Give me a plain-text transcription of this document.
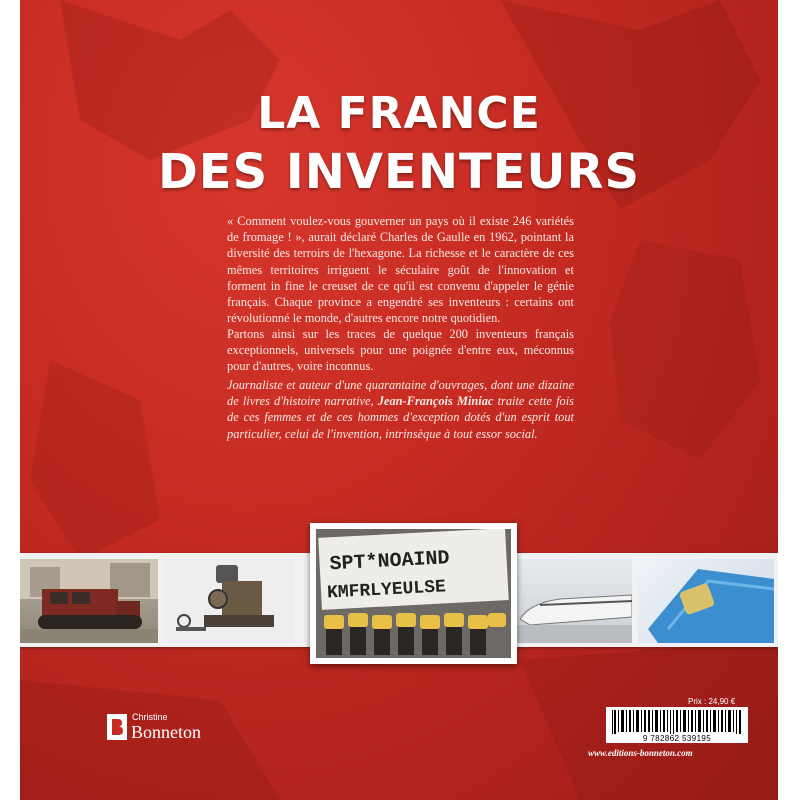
LA FRANCE
DES INVENTEURS
« Comment voulez-vous gouverner un pays où il existe 246 variétés de fromage ! », aurait déclaré Charles de Gaulle en 1962, pointant la diversité des terroirs de l'hexagone. La richesse et le caractère de ces mêmes territoires irriguent le séculaire goût de l'innovation et forment in fine le creuset de ce qu'il est convenu d'appeler le génie français. Chaque province a engendré ses inventeurs : certains ont révolutionné le monde, d'autres encore notre quotidien.
Partons ainsi sur les traces de quelque 200 inventeurs français exceptionnels, universels pour une poignée d'entre eux, méconnus pour d'autres, voire inconnus.
Journaliste et auteur d'une quarantaine d'ouvrages, dont une dizaine de livres d'histoire narrative, Jean-François Miniac traite cette fois de ces femmes et de ces hommes d'exception dotés d'un esprit tout particulier, celui de l'invention, intrinsèque à tout essor social.
SPT*NOAIND
KMFRLYEULSE
Christine
Bonneton
Prix : 24,90 €
9 782862 539195
www.editions-bonneton.com
